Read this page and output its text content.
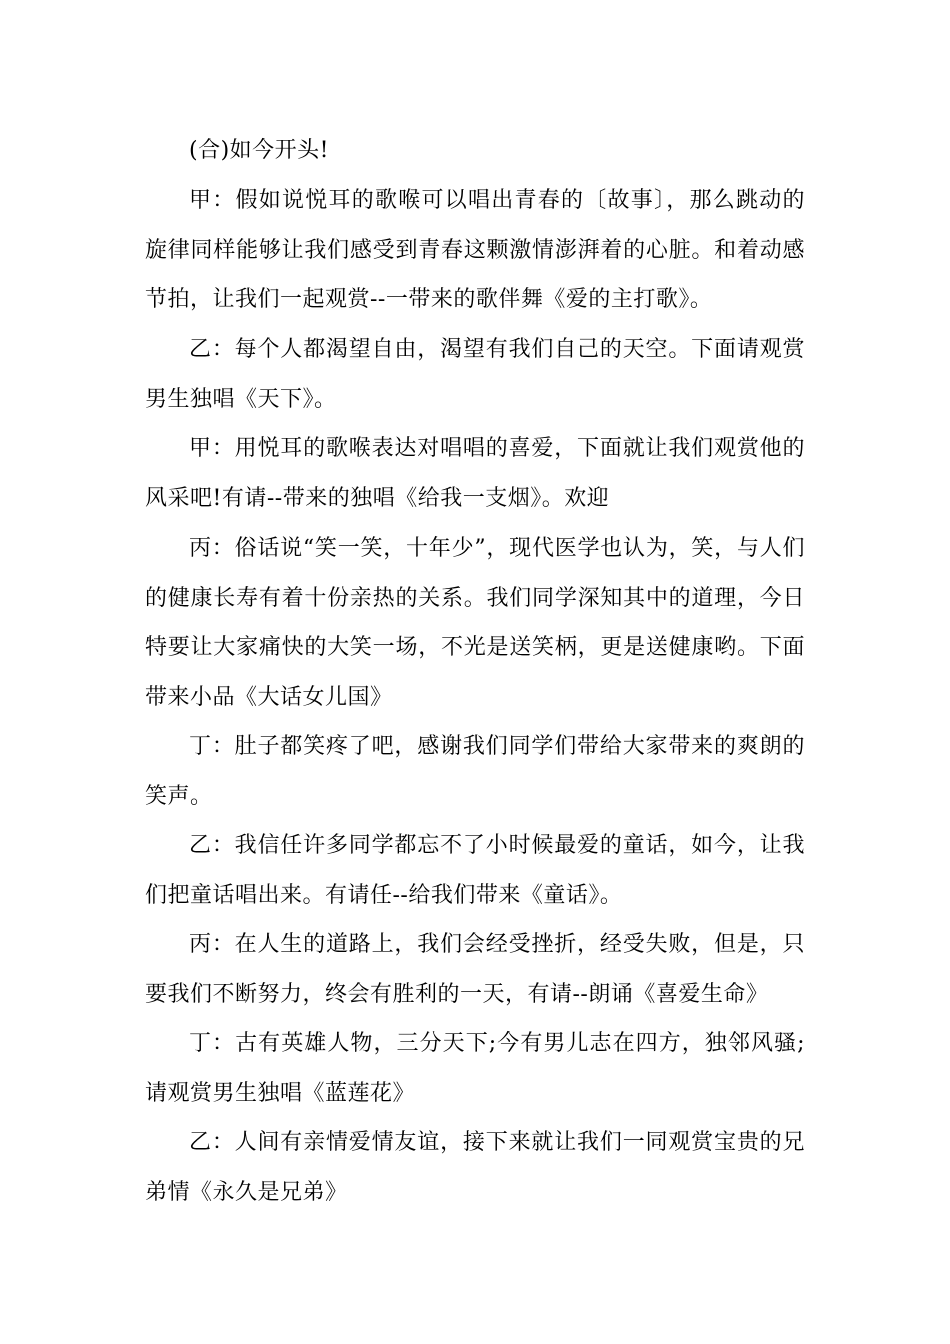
(合)如今开头!

甲：假如说悦耳的歌喉可以唱出青春的〔故事〕，那么跳动的旋律同样能够让我们感受到青春这颗激情澎湃着的心脏。和着动感节拍，让我们一起观赏--一带来的歌伴舞《爱的主打歌》。

乙：每个人都渴望自由，渴望有我们自己的天空。下面请观赏男生独唱《天下》。

甲：用悦耳的歌喉表达对唱唱的喜爱，下面就让我们观赏他的风采吧!有请--带来的独唱《给我一支烟》。欢迎

丙：俗话说“笑一笑，十年少”，现代医学也认为，笑，与人们的健康长寿有着十份亲热的关系。我们同学深知其中的道理，今日特要让大家痛快的大笑一场，不光是送笑柄，更是送健康哟。下面带来小品《大话女儿国》

丁：肚子都笑疼了吧，感谢我们同学们带给大家带来的爽朗的笑声。

乙：我信任许多同学都忘不了小时候最爱的童话，如今，让我们把童话唱出来。有请任--给我们带来《童话》。

丙：在人生的道路上，我们会经受挫折，经受失败，但是，只要我们不断努力，终会有胜利的一天，有请--朗诵《喜爱生命》

丁：古有英雄人物，三分天下;今有男儿志在四方，独邻风骚;请观赏男生独唱《蓝莲花》

乙：人间有亲情爱情友谊，接下来就让我们一同观赏宝贵的兄弟情《永久是兄弟》
